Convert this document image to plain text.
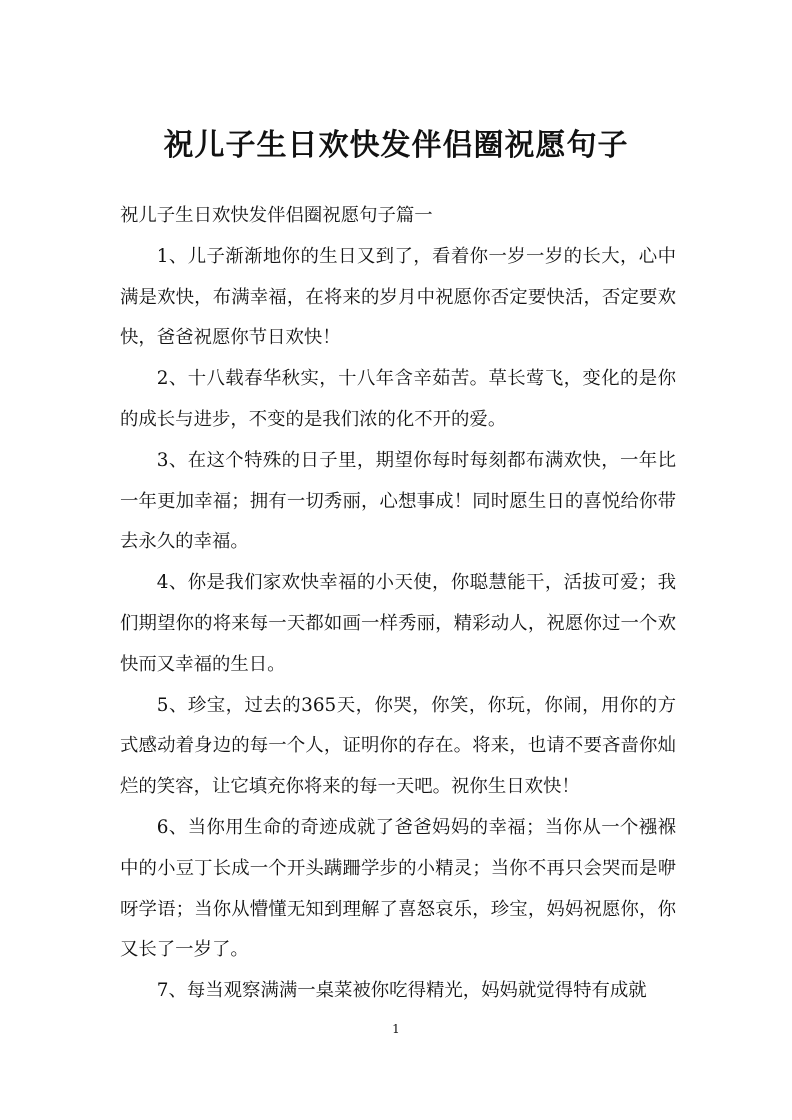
祝儿子生日欢快发伴侣圈祝愿句子

祝儿子生日欢快发伴侣圈祝愿句子篇一

1、儿子渐渐地你的生日又到了，看着你一岁一岁的长大，心中满是欢快，布满幸福，在将来的岁月中祝愿你否定要快活，否定要欢快，爸爸祝愿你节日欢快！

2、十八载春华秋实，十八年含辛茹苦。草长莺飞，变化的是你的成长与进步，不变的是我们浓的化不开的爱。

3、在这个特殊的日子里，期望你每时每刻都布满欢快，一年比一年更加幸福；拥有一切秀丽，心想事成！同时愿生日的喜悦给你带去永久的幸福。

4、你是我们家欢快幸福的小天使，你聪慧能干，活拔可爱；我们期望你的将来每一天都如画一样秀丽，精彩动人，祝愿你过一个欢快而又幸福的生日。

5、珍宝，过去的365天，你哭，你笑，你玩，你闹，用你的方式感动着身边的每一个人，证明你的存在。将来，也请不要吝啬你灿烂的笑容，让它填充你将来的每一天吧。祝你生日欢快！

6、当你用生命的奇迹成就了爸爸妈妈的幸福；当你从一个襁褓中的小豆丁长成一个开头蹒跚学步的小精灵；当你不再只会哭而是咿呀学语；当你从懵懂无知到理解了喜怒哀乐，珍宝，妈妈祝愿你，你又长了一岁了。

7、每当观察满满一桌菜被你吃得精光，妈妈就觉得特有成就

1
